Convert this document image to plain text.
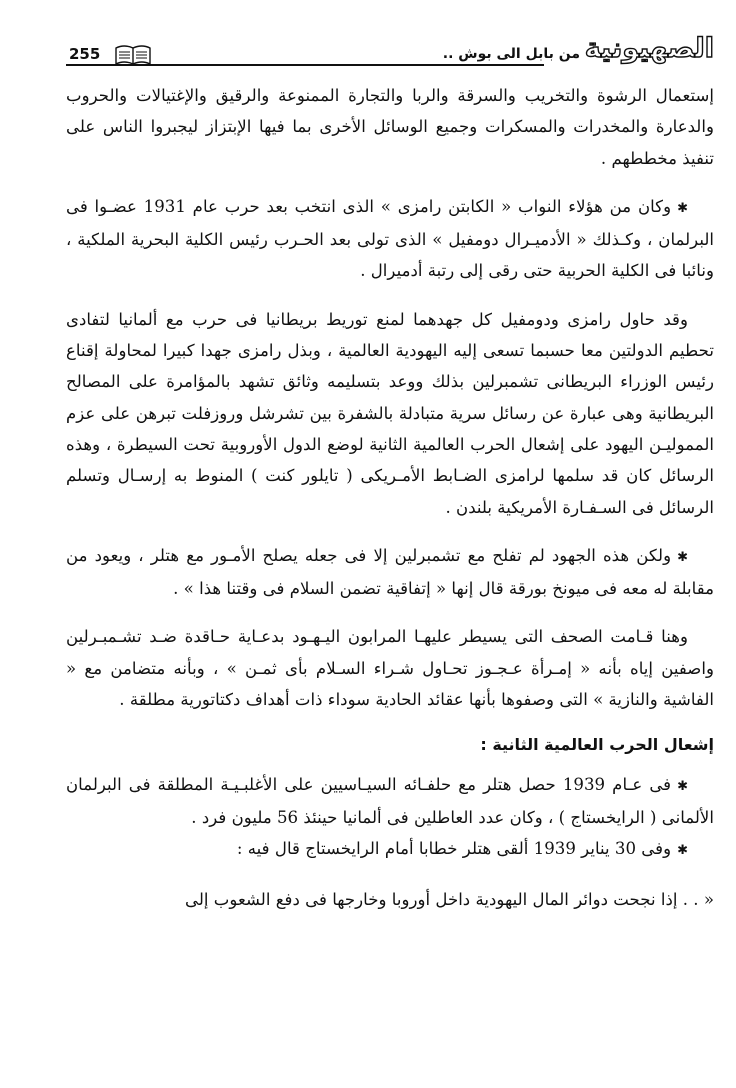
الصهيونية
من بابل الى بوش ..
255

إستعمال الرشوة والتخريب والسرقة والربا والتجارة الممنوعة والرقيق والإغتيالات والحروب والدعارة والمخدرات والمسكرات وجميع الوسائل الأخرى بما فيها الإبتزاز ليجبروا الناس على تنفيذ مخططهم .

✱وكان من هؤلاء النواب « الكابتن رامزى » الذى انتخب بعد حرب عام 1931 عضـوا فى البرلمان ، وكـذلك « الأدميـرال دومفيل » الذى تولى بعد الحـرب رئيس الكلية البحرية الملكية ، ونائبا فى الكلية الحربية حتى رقى إلى رتبة أدميرال .

وقد حاول رامزى ودومفيل كل جهدهما لمنع توريط بريطانيا فى حرب مع ألمانيا لتفادى تحطيم الدولتين معا حسبما تسعى إليه اليهودية العالمية ، وبذل رامزى جهدا كبيرا لمحاولة إقناع رئيس الوزراء البريطانى تشمبرلين بذلك ووعد بتسليمه وثائق تشهد بالمؤامرة على المصالح البريطانية وهى عبارة عن رسائل سرية متبادلة بالشفرة بين تشرشل وروزفلت تبرهن على عزم المموليـن اليهود على إشعال الحرب العالمية الثانية لوضع الدول الأوروبية تحت السيطرة ، وهذه الرسائل كان قد سلمها لرامزى الضـابط الأمـريكى ( تايلور كنت ) المنوط به إرسـال وتسلم الرسائل فى السـفـارة الأمريكية بلندن .

✱ولكن هذه الجهود لم تفلح مع تشمبرلين إلا فى جعله يصلح الأمـور مع هتلر ، ويعود من مقابلة له معه فى ميونخ بورقة قال إنها « إتفاقية تضمن السلام فى وقتنا هذا » .

وهنا قـامت الصحف التى يسيطر عليهـا المرابون اليـهـود بدعـاية حـاقدة ضـد تشـمبـرلين واصفين إياه بأنه « إمـرأة عـجـوز تحـاول شـراء السـلام بأى ثمـن » ، وبأنه متضامن مع « الفاشية والنازية » التى وصفوها بأنها عقائد الحادية سوداء ذات أهداف دكتاتورية مطلقة .

إشعال الحرب العالمية الثانية :

✱فى عـام 1939 حصل هتلر مع حلفـائه السيـاسيين على الأغلبـيـة المطلقة فى البرلمان الألمانى ( الرايخستاج ) ، وكان عدد العاطلين فى ألمانيا حينئذ 56 مليون فرد .

✱وفى 30 يناير 1939 ألقى هتلر خطابا أمام الرايخستاج قال فيه :

« . . إذا نجحت دوائر المال اليهودية داخل أوروبا وخارجها فى دفع الشعوب إلى
